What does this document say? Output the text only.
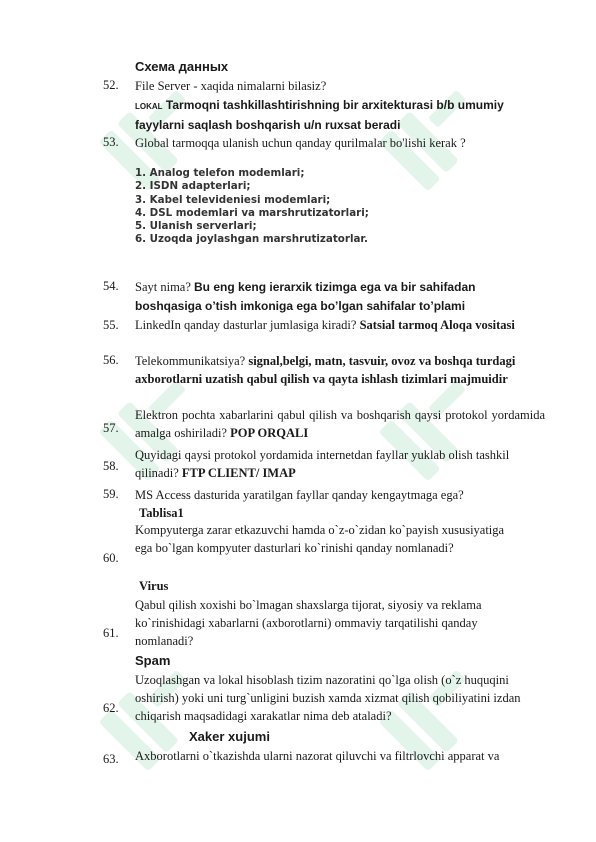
Схема данных
52. File Server - xaqida nimalarni bilasiz?
LOKAL Tarmoqni tashkillashtirishning bir arxitekturasi b/b umumiy fayylarni saqlash boshqarish u/n ruxsat beradi
53. Global tarmoqqa ulanish uchun qanday qurilmalar bo'lishi kerak ?
1. Analog telefon modemlari;
2. ISDN adapterlari;
3. Kabel televideniesi modemlari;
4. DSL modemlari va marshrutizatorlari;
5. Ulanish serverlari;
6. Uzoqda joylashgan marshrutizatorlar.
54. Sayt nima? Bu eng keng ierarxik tizimga ega va bir sahifadan boshqasiga o’tish imkoniga ega bo’lgan sahifalar to’plami
55. LinkedIn qanday dasturlar jumlasiga kiradi? Satsial tarmoq Aloqa vositasi
56. Telekommunikatsiya? signal,belgi, matn, tasvuir, ovoz va boshqa turdagi axborotlarni uzatish qabul qilish va qayta ishlash tizimlari majmuidir
57.
Elektron pochta xabarlarini qabul qilish va boshqarish qaysi protokol yordamida amalga oshiriladi? POP ORQALI
58.
Quyidagi qaysi protokol yordamida internetdan fayllar yuklab olish tashkil qilinadi? FTP CLIENT/ IMAP
59. MS Access dasturida yaratilgan fayllar qanday kengaytmaga ega?
Tablisa1
60.
Kompyuterga zarar etkazuvchi hamda o`z-o`zidan ko`payish xususiyatiga ega bo`lgan kompyuter dasturlari ko`rinishi qanday nomlanadi?
Virus
61.
Qabul qilish xoxishi bo`lmagan shaxslarga tijorat, siyosiy va reklama ko`rinishidagi xabarlarni (axborotlarni) ommaviy tarqatilishi qanday nomlanadi?
Spam
62.
Uzoqlashgan va lokal hisoblash tizim nazoratini qo`lga olish (o`z huquqini oshirish) yoki uni turg`unligini buzish xamda xizmat qilish qobiliyatini izdan chiqarish maqsadidagi xarakatlar nima deb ataladi?
Xaker xujumi
63. Axborotlarni o`tkazishda ularni nazorat qiluvchi va filtrlovchi apparat va
